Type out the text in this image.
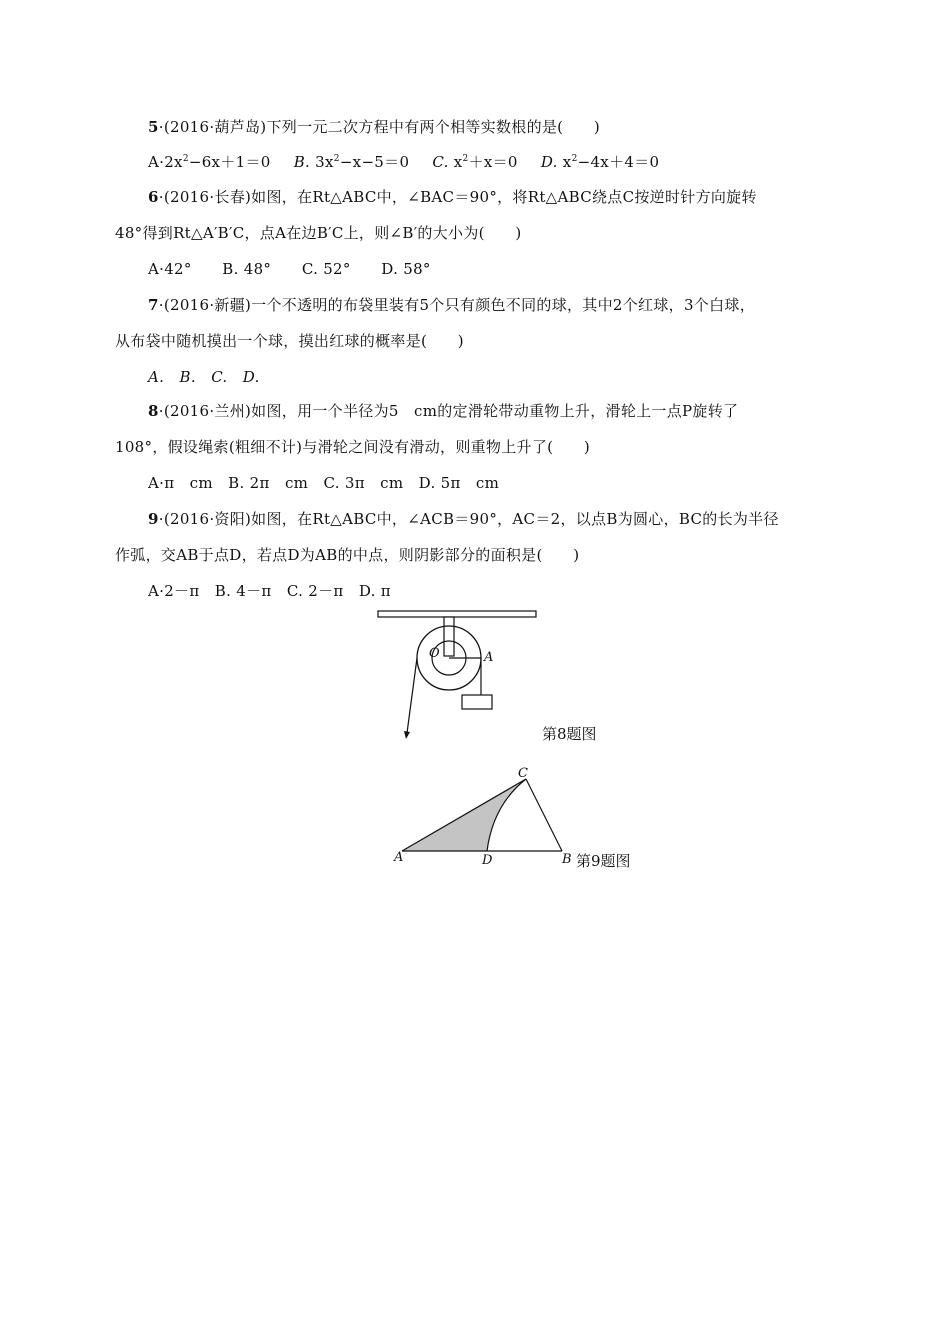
5·(2016·葫芦岛)下列一元二次方程中有两个相等实数根的是(　　)
$A\cdot 2x^2-6x+1=0$ B. $3x^2-x-5=0$ C. $x^2+x=0$ D. $x^2-4x+4=0$
6·(2016·长春)如图，在Rt△ABC中，∠BAC＝90°，将Rt△ABC绕点C按逆时针方向旋转
48°得到Rt△A′B′C，点A在边B′C上，则∠B′的大小为(　　)
A·42°　　B. 48°　　C. 52°　　D. 58°
7·(2016·新疆)一个不透明的布袋里装有5个只有颜色不同的球，其中2个红球，3个白球，
从布袋中随机摸出一个球，摸出红球的概率是(　　)
A.　B.　C.　D.
8·(2016·兰州)如图，用一个半径为5　cm的定滑轮带动重物上升，滑轮上一点P旋转了
108°，假设绳索(粗细不计)与滑轮之间没有滑动，则重物上升了(　　)
A·π　cm　B. 2π　cm　C. 3π　cm　D. 5π　cm
9·(2016·资阳)如图，在Rt△ABC中，∠ACB＝90°，AC＝2，以点B为圆心，BC的长为半径
作弧，交AB于点D，若点D为AB的中点，则阴影部分的面积是(　　)
A·2－π　B. 4－π　C. 2－π　D. π
O	A
第8题图
A	D	B
C
第9题图
